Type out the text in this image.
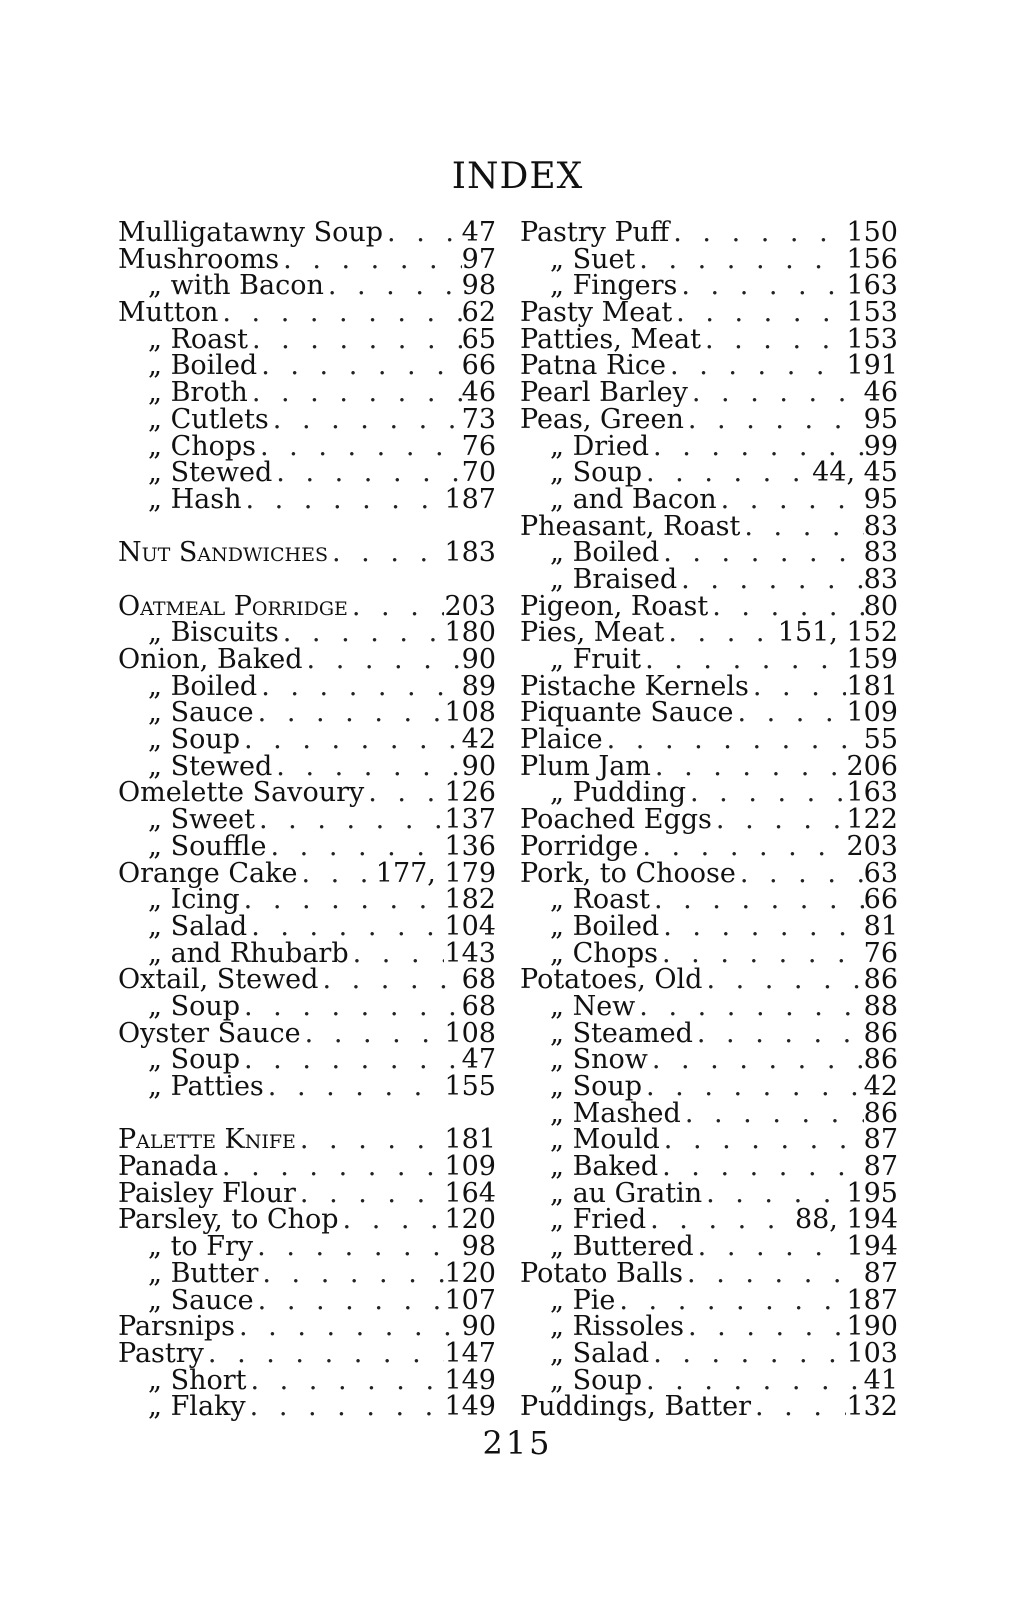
INDEX
Mulligatawny Soup . . .	47
Mushrooms . . .	97
„ with Bacon . . .	98
Mutton . . .	62
„ Roast . . .	65
„ Boiled . . .	66
„ Broth . . .	46
„ Cutlets . . .	73
„ Chops . . .	76
„ Stewed . . .	70
„ Hash . . .	187
Nut Sandwiches . . .	183
Oatmeal Porridge . . .	203
„ Biscuits . . .	180
Onion, Baked . . .	90
„ Boiled . . .	89
„ Sauce . . .	108
„ Soup . . .	42
„ Stewed . . .	90
Omelette Savoury . . .	126
„ Sweet . . .	137
„ Souffle . . .	136
Orange Cake . . .	177, 179
„ Icing . . .	182
„ Salad . . .	104
„ and Rhubarb . . .	143
Oxtail, Stewed . . .	68
„ Soup . . .	68
Oyster Sauce . . .	108
„ Soup . . .	47
„ Patties . . .	155
Palette Knife . . .	181
Panada . . .	109
Paisley Flour . . .	164
Parsley, to Chop . . .	120
„ to Fry . . .	98
„ Butter . . .	120
„ Sauce . . .	107
Parsnips . . .	90
Pastry . . .	147
„ Short . . .	149
„ Flaky . . .	149
Pastry Puff . . .	150
„ Suet . . .	156
„ Fingers . . .	163
Pasty Meat . . .	153
Patties, Meat . . .	153
Patna Rice . . .	191
Pearl Barley . . .	46
Peas, Green . . .	95
„ Dried . . .	99
„ Soup . . .	44, 45
„ and Bacon . . .	95
Pheasant, Roast . . .	83
„ Boiled . . .	83
„ Braised . . .	83
Pigeon, Roast . . .	80
Pies, Meat . . .	151, 152
„ Fruit . . .	159
Pistache Kernels . . .	181
Piquante Sauce . . .	109
Plaice . . .	55
Plum Jam . . .	206
„ Pudding . . .	163
Poached Eggs . . .	122
Porridge . . .	203
Pork, to Choose . . .	63
„ Roast . . .	66
„ Boiled . . .	81
„ Chops . . .	76
Potatoes, Old . . .	86
„ New . . .	88
„ Steamed . . .	86
„ Snow . . .	86
„ Soup . . .	42
„ Mashed . . .	86
„ Mould . . .	87
„ Baked . . .	87
„ au Gratin . . .	195
„ Fried . . .	88, 194
„ Buttered . . .	194
Potato Balls . . .	87
„ Pie . . .	187
„ Rissoles . . .	190
„ Salad . . .	103
„ Soup . . .	41
Puddings, Batter . . .	132
215
